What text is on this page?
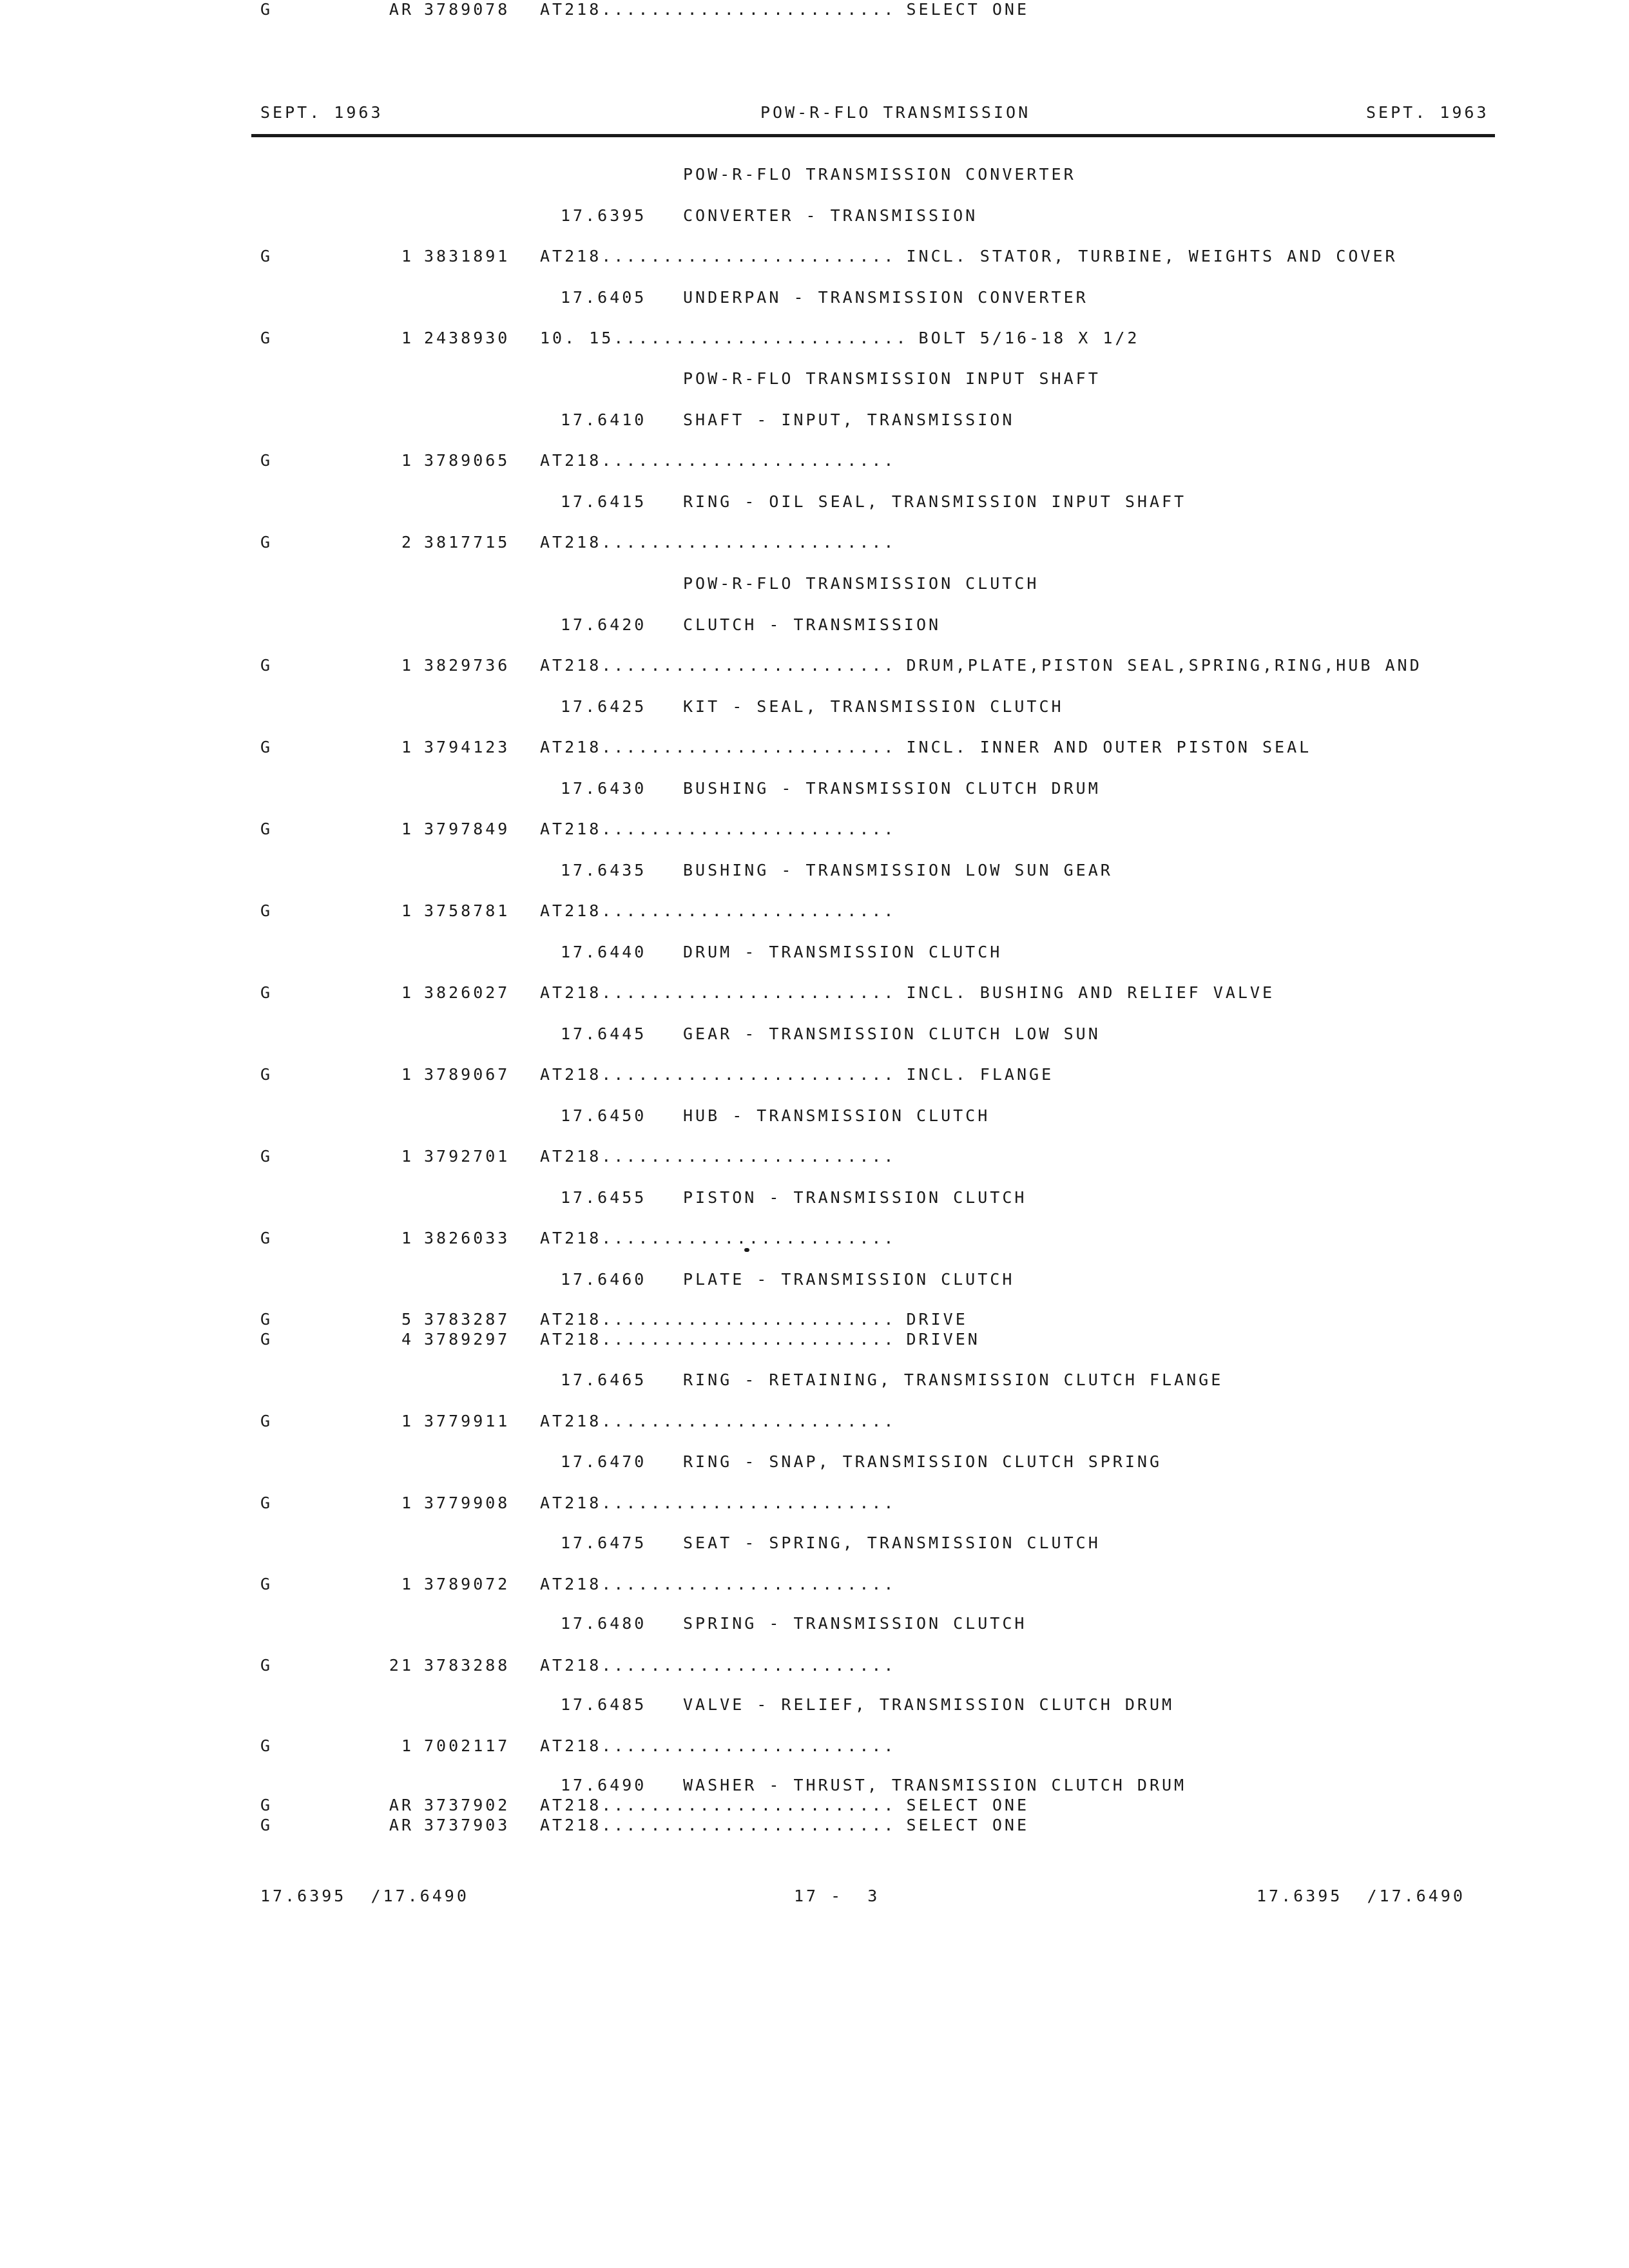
SEPT. 1963	POW-R-FLO TRANSMISSION	SEPT. 1963
POW-R-FLO TRANSMISSION CONVERTER
17.6395 CONVERTER - TRANSMISSION
G	1 3831891 AT218........................ INCL. STATOR, TURBINE, WEIGHTS AND COVER
17.6405 UNDERPAN - TRANSMISSION CONVERTER
G	1 2438930 10. 15........................ BOLT 5/16-18 X 1/2
POW-R-FLO TRANSMISSION INPUT SHAFT
17.6410 SHAFT - INPUT, TRANSMISSION
G	1 3789065 AT218........................
17.6415 RING - OIL SEAL, TRANSMISSION INPUT SHAFT
G	2 3817715 AT218........................
POW-R-FLO TRANSMISSION CLUTCH
17.6420 CLUTCH - TRANSMISSION
G	1 3829736 AT218........................ DRUM,PLATE,PISTON SEAL,SPRING,RING,HUB AND
17.6425 KIT - SEAL, TRANSMISSION CLUTCH
G	1 3794123 AT218........................ INCL. INNER AND OUTER PISTON SEAL
17.6430 BUSHING - TRANSMISSION CLUTCH DRUM
G	1 3797849 AT218........................
17.6435 BUSHING - TRANSMISSION LOW SUN GEAR
G	1 3758781 AT218........................
17.6440 DRUM - TRANSMISSION CLUTCH
G	1 3826027 AT218........................ INCL. BUSHING AND RELIEF VALVE
17.6445 GEAR - TRANSMISSION CLUTCH LOW SUN
G	1 3789067 AT218........................ INCL. FLANGE
17.6450 HUB - TRANSMISSION CLUTCH
G	1 3792701 AT218........................
17.6455 PISTON - TRANSMISSION CLUTCH
G	1 3826033 AT218........................
17.6460 PLATE - TRANSMISSION CLUTCH
G	5 3783287 AT218........................ DRIVE
G	4 3789297 AT218........................ DRIVEN
17.6465 RING - RETAINING, TRANSMISSION CLUTCH FLANGE
G	1 3779911 AT218........................
17.6470 RING - SNAP, TRANSMISSION CLUTCH SPRING
G	1 3779908 AT218........................
17.6475 SEAT - SPRING, TRANSMISSION CLUTCH
G	1 3789072 AT218........................
17.6480 SPRING - TRANSMISSION CLUTCH
G	21 3783288 AT218........................
17.6485 VALVE - RELIEF, TRANSMISSION CLUTCH DRUM
G	1 7002117 AT218........................
17.6490 WASHER - THRUST, TRANSMISSION CLUTCH DRUM
G	AR 3737902 AT218........................ SELECT ONE
G	AR 3737903 AT218........................ SELECT ONE
G	AR 3789078 AT218........................ SELECT ONE
17.6395  /17.6490	17 -  3	17.6395  /17.6490
